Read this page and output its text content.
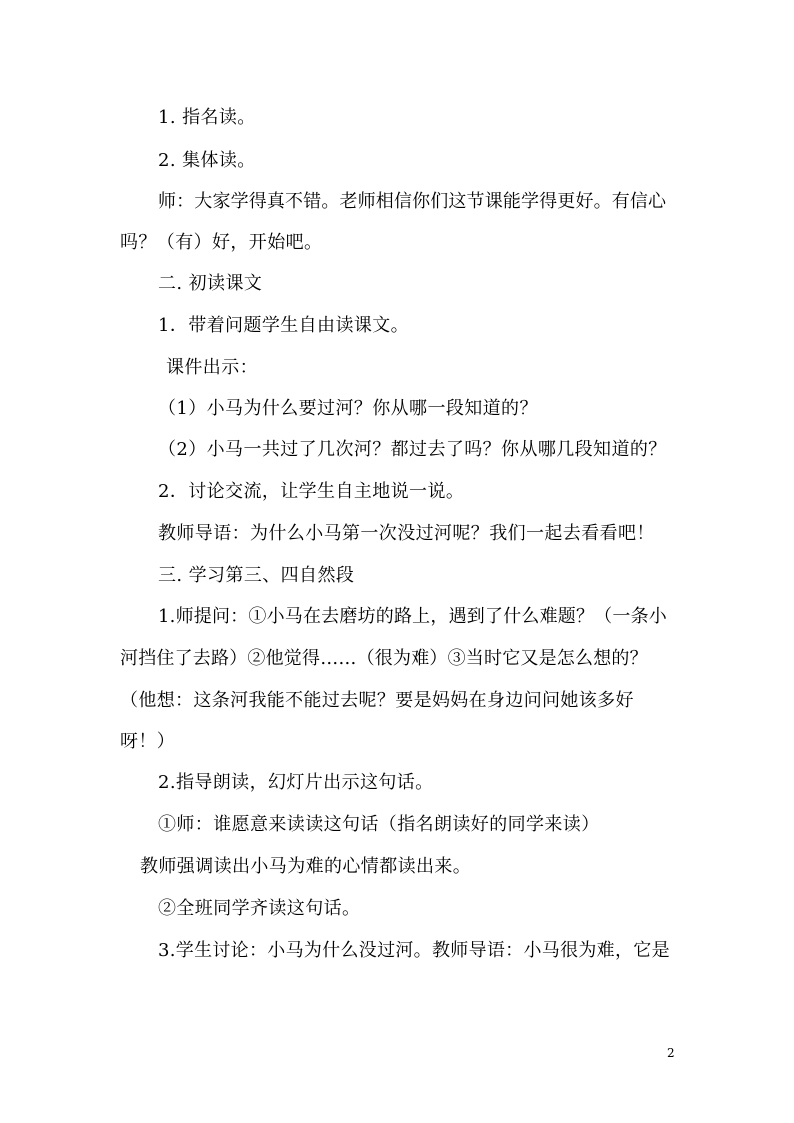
1. 指名读。
2. 集体读。
师：大家学得真不错。老师相信你们这节课能学得更好。有信心
吗？（有）好，开始吧。
二. 初读课文
1．带着问题学生自由读课文。
课件出示：
（1）小马为什么要过河？你从哪一段知道的？
（2）小马一共过了几次河？都过去了吗？你从哪几段知道的？
2．讨论交流，让学生自主地说一说。
教师导语：为什么小马第一次没过河呢？我们一起去看看吧！
三. 学习第三、四自然段
1.师提问：①小马在去磨坊的路上，遇到了什么难题？（一条小
河挡住了去路）②他觉得……（很为难）③当时它又是怎么想的？
（他想：这条河我能不能过去呢？要是妈妈在身边问问她该多好
呀！）
2.指导朗读，幻灯片出示这句话。
①师：谁愿意来读读这句话（指名朗读好的同学来读）
教师强调读出小马为难的心情都读出来。
②全班同学齐读这句话。
3.学生讨论：小马为什么没过河。教师导语：小马很为难，它是
2
